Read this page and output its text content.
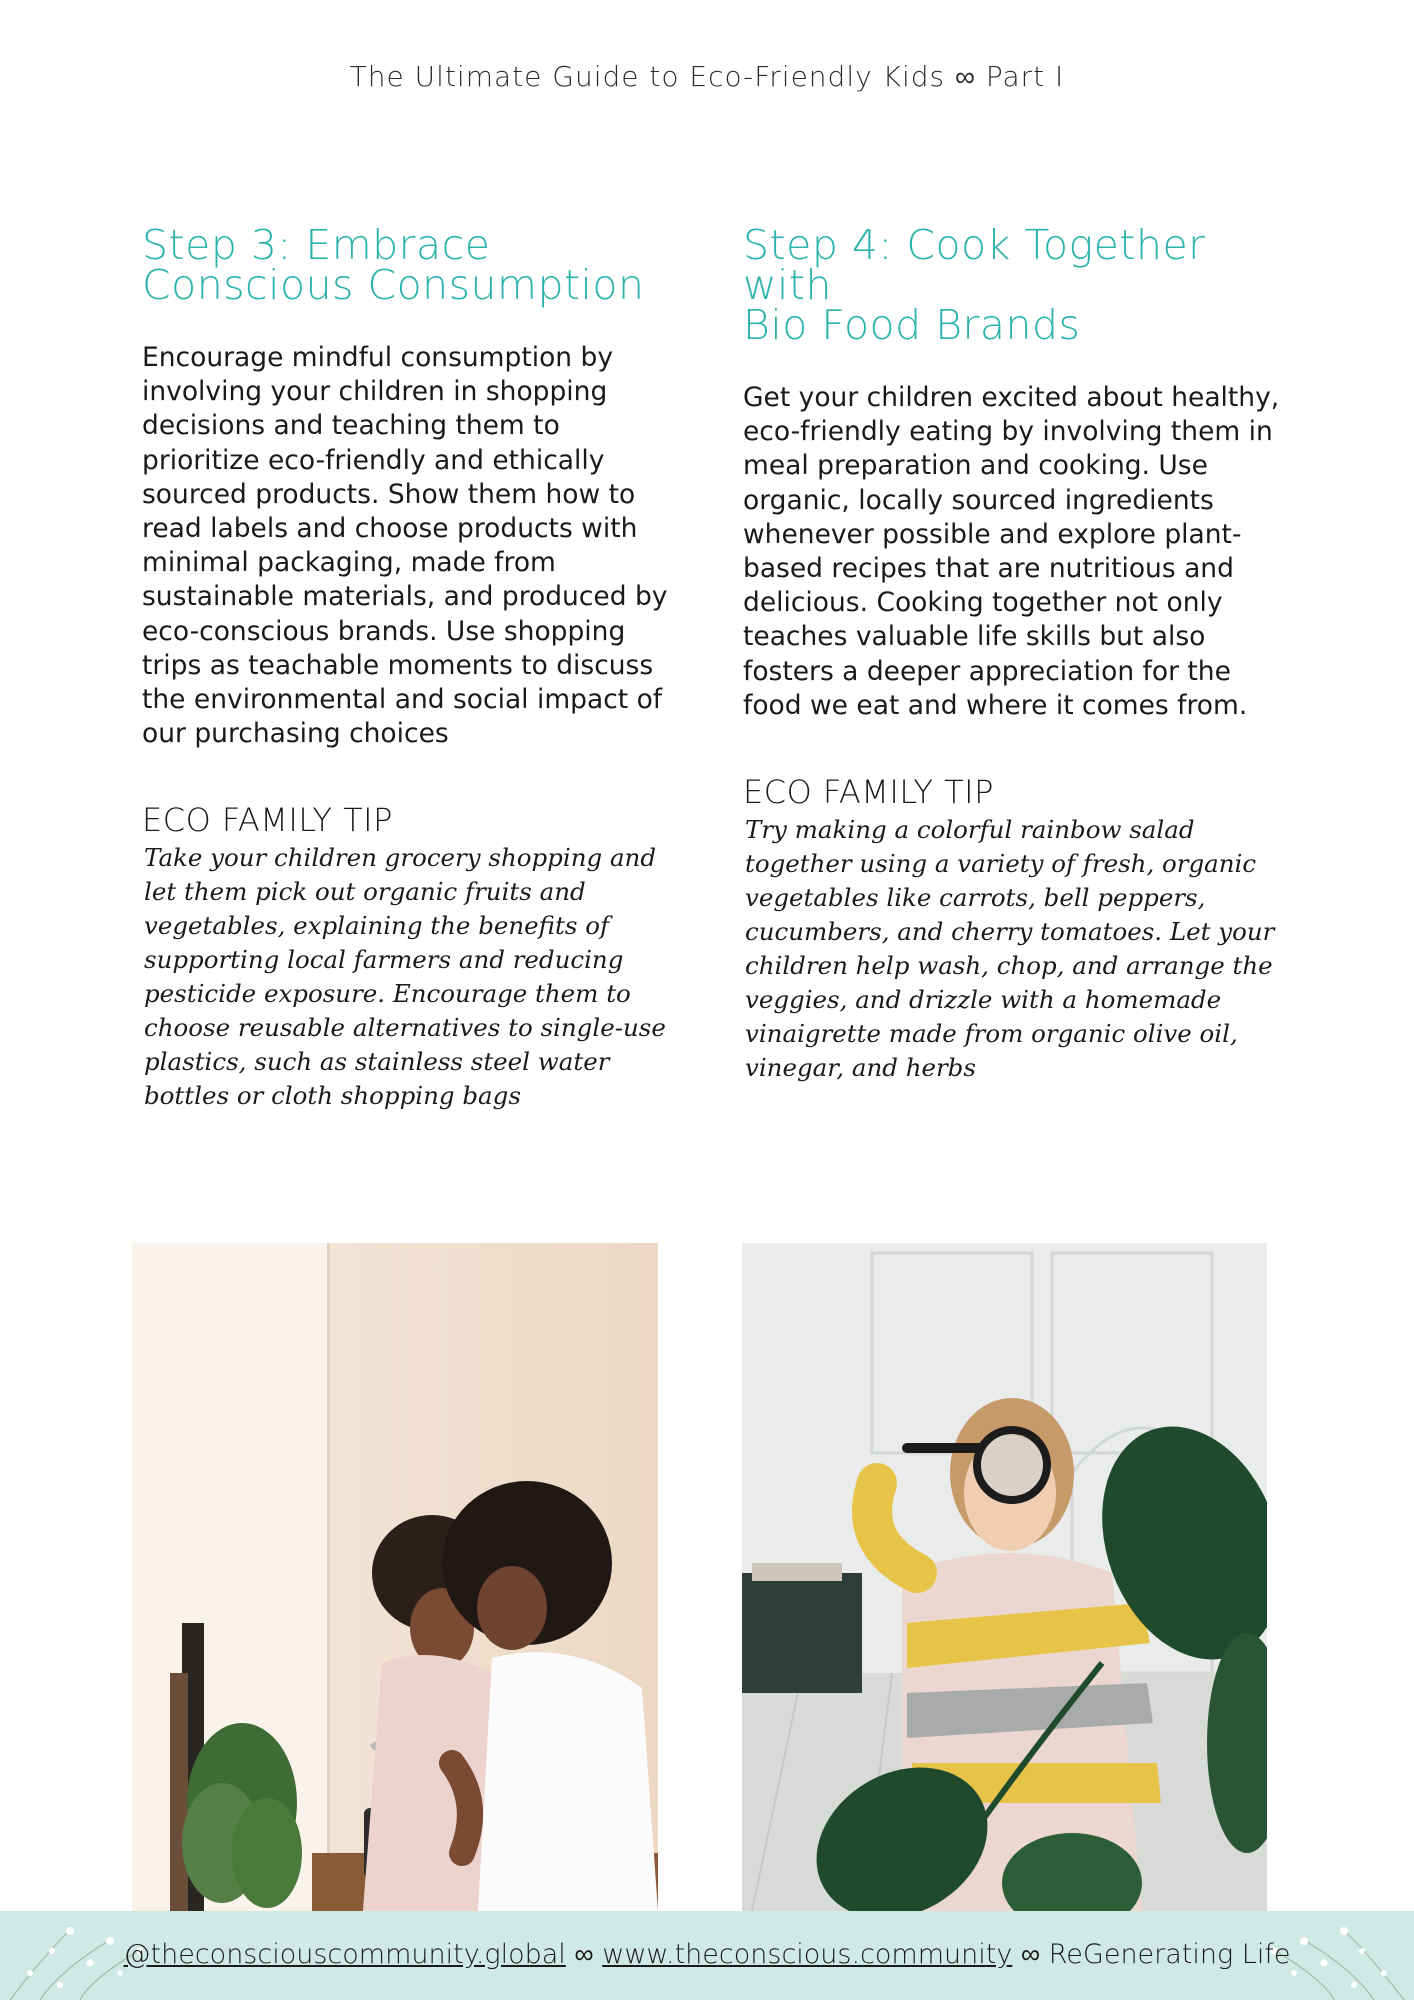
The Ultimate Guide to Eco-Friendly Kids ∞ Part I
Step 3: Embrace
Conscious Consumption

Encourage mindful consumption by involving your children in shopping decisions and teaching them to prioritize eco-friendly and ethically sourced products. Show them how to read labels and choose products with minimal packaging, made from sustainable materials, and produced by eco-conscious brands. Use shopping trips as teachable moments to discuss the environmental and social impact of our purchasing choices

ECO FAMILY TIP

Take your children grocery shopping and let them pick out organic fruits and vegetables, explaining the benefits of supporting local farmers and reducing pesticide exposure. Encourage them to choose reusable alternatives to single-use plastics, such as stainless steel water bottles or cloth shopping bags

Step 4: Cook Together with
Bio Food Brands

Get your children excited about healthy, eco-friendly eating by involving them in meal preparation and cooking. Use organic, locally sourced ingredients whenever possible and explore plant-based recipes that are nutritious and delicious. Cooking together not only teaches valuable life skills but also fosters a deeper appreciation for the food we eat and where it comes from.

ECO FAMILY TIP

Try making a colorful rainbow salad together using a variety of fresh, organic vegetables like carrots, bell peppers, cucumbers, and cherry tomatoes. Let your children help wash, chop, and arrange the veggies, and drizzle with a homemade vinaigrette made from organic olive oil, vinegar, and herbs

@theconsciouscommunity.global ∞ www.theconscious.community ∞ ReGenerating Life
